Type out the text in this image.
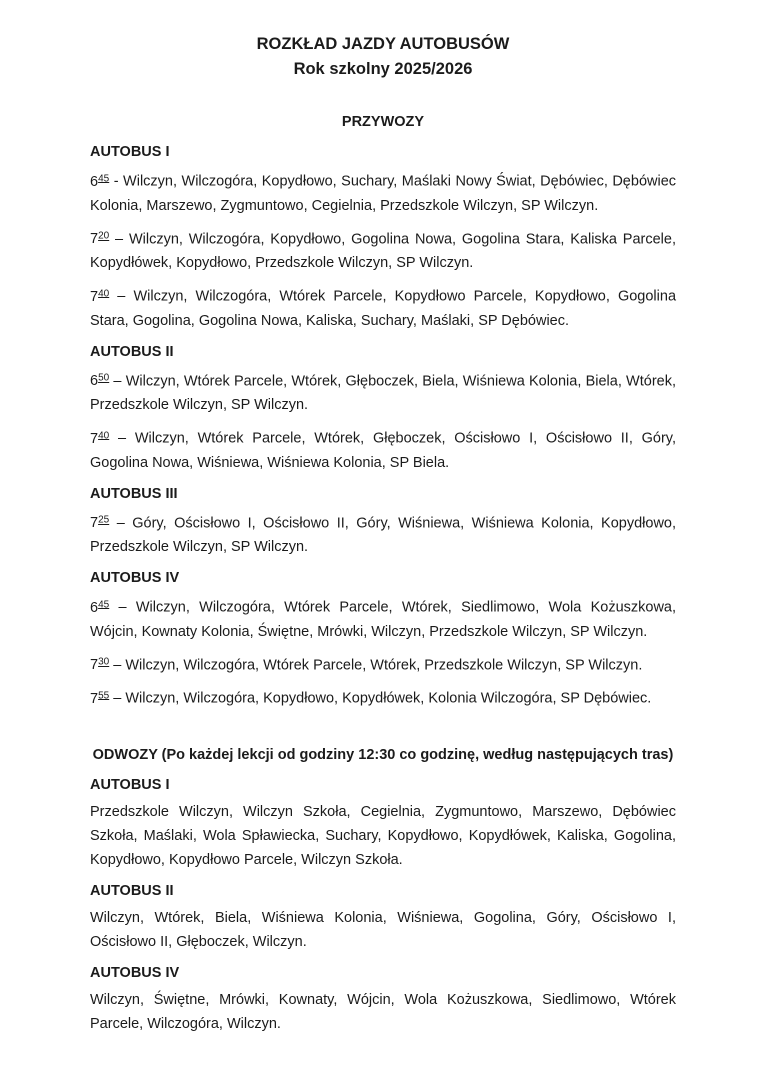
ROZKŁAD JAZDY AUTOBUSÓW

Rok szkolny 2025/2026

PRZYWOZY

AUTOBUS I

$6^{45}$ - Wilczyn, Wilczogóra, Kopydłowo, Suchary, Maślaki Nowy Świat, Dębówiec, Dębówiec Kolonia, Marszewo, Zygmuntowo, Cegielnia, Przedszkole Wilczyn, SP Wilczyn.

$7^{20}$ – Wilczyn, Wilczogóra, Kopydłowo, Gogolina Nowa, Gogolina Stara, Kaliska Parcele, Kopydłówek, Kopydłowo, Przedszkole Wilczyn, SP Wilczyn.

$7^{40}$ – Wilczyn, Wilczogóra, Wtórek Parcele, Kopydłowo Parcele, Kopydłowo, Gogolina Stara, Gogolina, Gogolina Nowa, Kaliska, Suchary, Maślaki, SP Dębówiec.

AUTOBUS II

$6^{50}$ – Wilczyn, Wtórek Parcele, Wtórek, Głęboczek, Biela, Wiśniewa Kolonia, Biela, Wtórek, Przedszkole Wilczyn, SP Wilczyn.

$7^{40}$ – Wilczyn, Wtórek Parcele, Wtórek, Głęboczek, Ościsłowo I, Ościsłowo II, Góry, Gogolina Nowa, Wiśniewa, Wiśniewa Kolonia, SP Biela.

AUTOBUS III

$7^{25}$ – Góry, Ościsłowo I, Ościsłowo II, Góry, Wiśniewa, Wiśniewa Kolonia, Kopydłowo, Przedszkole Wilczyn, SP Wilczyn.

AUTOBUS IV

$6^{45}$ – Wilczyn, Wilczogóra, Wtórek Parcele, Wtórek, Siedlimowo, Wola Kożuszkowa, Wójcin, Kownaty Kolonia, Świętne, Mrówki, Wilczyn, Przedszkole Wilczyn, SP Wilczyn.

$7^{30}$ – Wilczyn, Wilczogóra, Wtórek Parcele, Wtórek, Przedszkole Wilczyn, SP Wilczyn.

$7^{55}$ – Wilczyn, Wilczogóra, Kopydłowo, Kopydłówek, Kolonia Wilczogóra, SP Dębówiec.

ODWOZY (Po każdej lekcji od godziny 12:30 co godzinę, według następujących tras)

AUTOBUS I

Przedszkole Wilczyn, Wilczyn Szkoła, Cegielnia, Zygmuntowo, Marszewo, Dębówiec Szkoła, Maślaki, Wola Spławiecka, Suchary, Kopydłowo, Kopydłówek, Kaliska, Gogolina, Kopydłowo, Kopydłowo Parcele, Wilczyn Szkoła.

AUTOBUS II

Wilczyn, Wtórek, Biela, Wiśniewa Kolonia, Wiśniewa, Gogolina, Góry, Ościsłowo I, Ościsłowo II, Głęboczek, Wilczyn.

AUTOBUS IV

Wilczyn, Świętne, Mrówki, Kownaty, Wójcin, Wola Kożuszkowa, Siedlimowo, Wtórek Parcele, Wilczogóra, Wilczyn.
